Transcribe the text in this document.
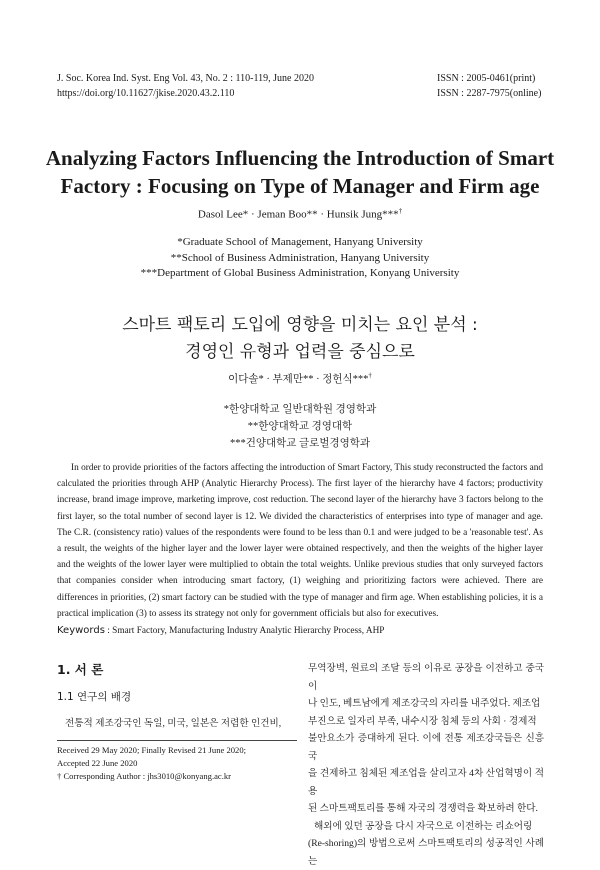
J. Soc. Korea Ind. Syst. Eng Vol. 43, No. 2 : 110-119, June 2020
https://doi.org/10.11627/jkise.2020.43.2.110
ISSN : 2005-0461(print)
ISSN : 2287-7975(online)
Analyzing Factors Influencing the Introduction of Smart
Factory : Focusing on Type of Manager and Firm age
Dasol Lee* · Jeman Boo** · Hunsik Jung***†
*Graduate School of Management, Hanyang University
**School of Business Administration, Hanyang University
***Department of Global Business Administration, Konyang University
스마트 팩토리 도입에 영향을 미치는 요인 분석 :
경영인 유형과 업력을 중심으로
이다솔* · 부제만** · 정헌식***†
*한양대학교 일반대학원 경영학과
**한양대학교 경영대학
***건양대학교 글로벌경영학과

In order to provide priorities of the factors affecting the introduction of Smart Factory, This study reconstructed the factors and calculated the priorities through AHP (Analytic Hierarchy Process). The first layer of the hierarchy have 4 factors; productivity increase, brand image improve, marketing improve, cost reduction. The second layer of the hierarchy have 3 factors belong to the first layer, so the total number of second layer is 12. We divided the characteristics of enterprises into type of manager and age. The C.R. (consistency ratio) values of the respondents were found to be less than 0.1 and were judged to be a 'reasonable test'. As a result, the weights of the higher layer and the lower layer were obtained respectively, and then the weights of the higher layer and the weights of the lower layer were multiplied to obtain the total weights. Unlike previous studies that only surveyed factors that companies consider when introducing smart factory, (1) weighing and prioritizing factors were achieved. There are differences in priorities, (2) smart factory can be studied with the type of manager and firm age. When establishing policies, it is a practical implication (3) to assess its strategy not only for government officials but also for executives.

Keywords : Smart Factory, Manufacturing Industry Analytic Hierarchy Process, AHP
1. 서 론
1.1 연구의 배경
전통적 제조강국인 독일, 미국, 일본은 저렴한 인건비,
Received 29 May 2020; Finally Revised 21 June 2020;
Accepted 22 June 2020
† Corresponding Author : jhs3010@konyang.ac.kr
무역장벽, 원료의 조달 등의 이유로 공장을 이전하고 중국이
나 인도, 베트남에게 제조강국의 자리를 내주었다. 제조업
부진으로 일자리 부족, 내수시장 침체 등의 사회 · 경제적
불안요소가 증대하게 된다. 이에 전통 제조강국들은 신흥국
을 견제하고 침체된 제조업을 살리고자 4차 산업혁명이 적용
된 스마트팩토리를 통해 자국의 경쟁력을 확보하려 한다.
해외에 있던 공장을 다시 자국으로 이전하는 리쇼어링
(Re-shoring)의 방법으로써 스마트팩토리의 성공적인 사례는
